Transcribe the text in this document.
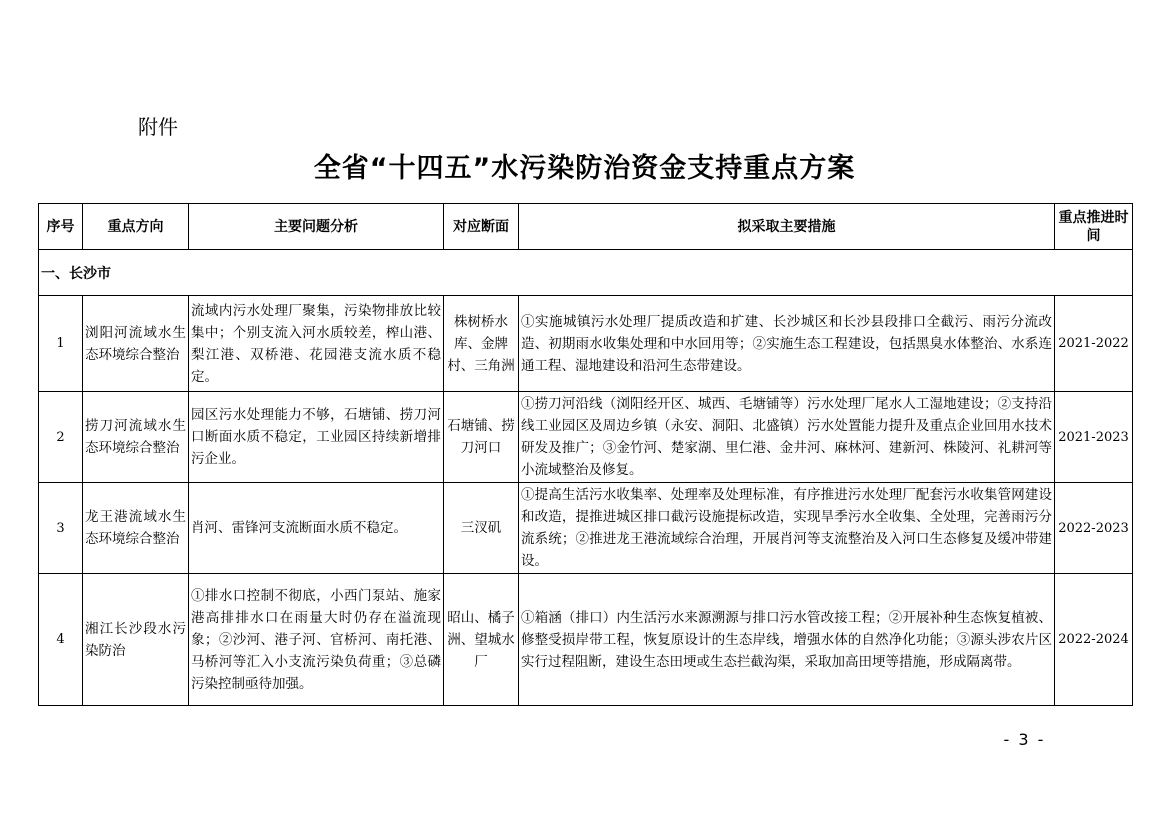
附件
全省“十四五”水污染防治资金支持重点方案
序号	重点方向	主要问题分析	对应断面	拟采取主要措施	重点推进时间
一、长沙市					
1	浏阳河流域水生态环境综合整治	流域内污水处理厂聚集，污染物排放比较集中；个别支流入河水质较差，榨山港、梨江港、双桥港、花园港支流水质不稳定。	株树桥水库、金牌村、三角洲	①实施城镇污水处理厂提质改造和扩建、长沙城区和长沙县段排口全截污、雨污分流改造、初期雨水收集处理和中水回用等；②实施生态工程建设，包括黑臭水体整治、水系连通工程、湿地建设和沿河生态带建设。	2021-2022
2	捞刀河流域水生态环境综合整治	园区污水处理能力不够，石塘铺、捞刀河口断面水质不稳定，工业园区持续新增排污企业。	石塘铺、捞刀河口	①捞刀河沿线（浏阳经开区、城西、毛塘铺等）污水处理厂尾水人工湿地建设；②支持沿线工业园区及周边乡镇（永安、洞阳、北盛镇）污水处置能力提升及重点企业回用水技术研发及推广；③金竹河、楚家湖、里仁港、金井河、麻林河、建新河、株陵河、礼耕河等小流域整治及修复。	2021-2023
3	龙王港流域水生态环境综合整治	肖河、雷锋河支流断面水质不稳定。	三汊矶	①提高生活污水收集率、处理率及处理标准，有序推进污水处理厂配套污水收集管网建设和改造，提推进城区排口截污设施提标改造，实现旱季污水全收集、全处理，完善雨污分流系统；②推进龙王港流域综合治理，开展肖河等支流整治及入河口生态修复及缓冲带建设。	2022-2023
4	湘江长沙段水污染防治	①排水口控制不彻底，小西门泵站、施家港高排排水口在雨量大时仍存在溢流现象；②沙河、港子河、官桥河、南托港、马桥河等汇入小支流污染负荷重；③总磷污染控制亟待加强。	昭山、橘子洲、望城水厂	①箱涵（排口）内生活污水来源溯源与排口污水管改接工程；②开展补种生态恢复植被、修整受损岸带工程，恢复原设计的生态岸线，增强水体的自然净化功能；③源头涉农片区实行过程阻断，建设生态田埂或生态拦截沟渠，采取加高田埂等措施，形成隔离带。	2022-2024
- 3 -
